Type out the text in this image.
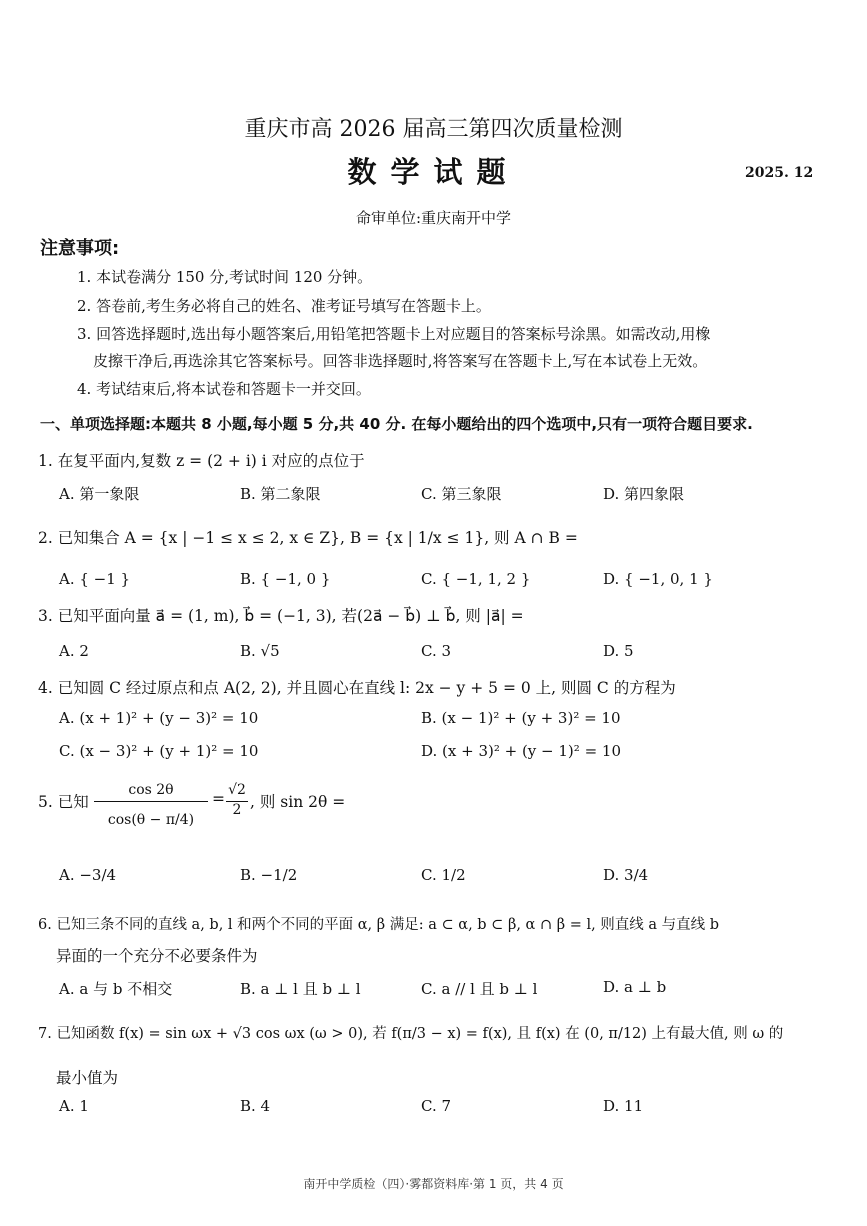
重庆市高 2026 届高三第四次质量检测
数学试题	2025. 12
命审单位:重庆南开中学
注意事项:
1. 本试卷满分 150 分,考试时间 120 分钟。
2. 答卷前,考生务必将自己的姓名、准考证号填写在答题卡上。
3. 回答选择题时,选出每小题答案后,用铅笔把答题卡上对应题目的答案标号涂黑。如需改动,用橡
皮擦干净后,再选涂其它答案标号。回答非选择题时,将答案写在答题卡上,写在本试卷上无效。
4. 考试结束后,将本试卷和答题卡一并交回。
一、单项选择题:本题共 8 小题,每小题 5 分,共 40 分. 在每小题给出的四个选项中,只有一项符合题目要求.
1. 在复平面内,复数 z = (2 + i) i 对应的点位于
A. 第一象限	B. 第二象限	C. 第三象限	D. 第四象限
2. 已知集合 A = {x | −1 ≤ x ≤ 2, x ∈ Z}, B = {x | 1/x ≤ 1}, 则 A ∩ B =
A. { −1 }	B. { −1, 0 }	C. { −1, 1, 2 }	D. { −1, 0, 1 }
3. 已知平面向量 a⃗ = (1, m), b⃗ = (−1, 3), 若(2a⃗ − b⃗) ⊥ b⃗, 则 |a⃗| =
A. 2	B. √5	C. 3	D. 5
4. 已知圆 C 经过原点和点 A(2, 2), 并且圆心在直线 l: 2x − y + 5 = 0 上, 则圆 C 的方程为
A. (x + 1)² + (y − 3)² = 10	B. (x − 1)² + (y + 3)² = 10
C. (x − 3)² + (y + 1)² = 10	D. (x + 3)² + (y − 1)² = 10
5. 已知
cos 2θ
cos(θ − π/4)
= √2
2 , 则 sin 2θ =
A. −3/4	B. −1/2	C. 1/2	D. 3/4
6. 已知三条不同的直线 a, b, l 和两个不同的平面 α, β 满足: a ⊂ α, b ⊂ β, α ∩ β = l, 则直线 a 与直线 b
异面的一个充分不必要条件为
A. a 与 b 不相交	B. a ⊥ l 且 b ⊥ l	C. a // l 且 b ⊥ l	D. a ⊥ b
7. 已知函数 f(x) = sin ωx + √3 cos ωx (ω > 0), 若 f(π/3 − x) = f(x), 且 f(x) 在 (0, π/12) 上有最大值, 则 ω 的
最小值为
A. 1	B. 4	C. 7	D. 11
南开中学质检（四）·雾都资料库·第 1 页，共 4 页
